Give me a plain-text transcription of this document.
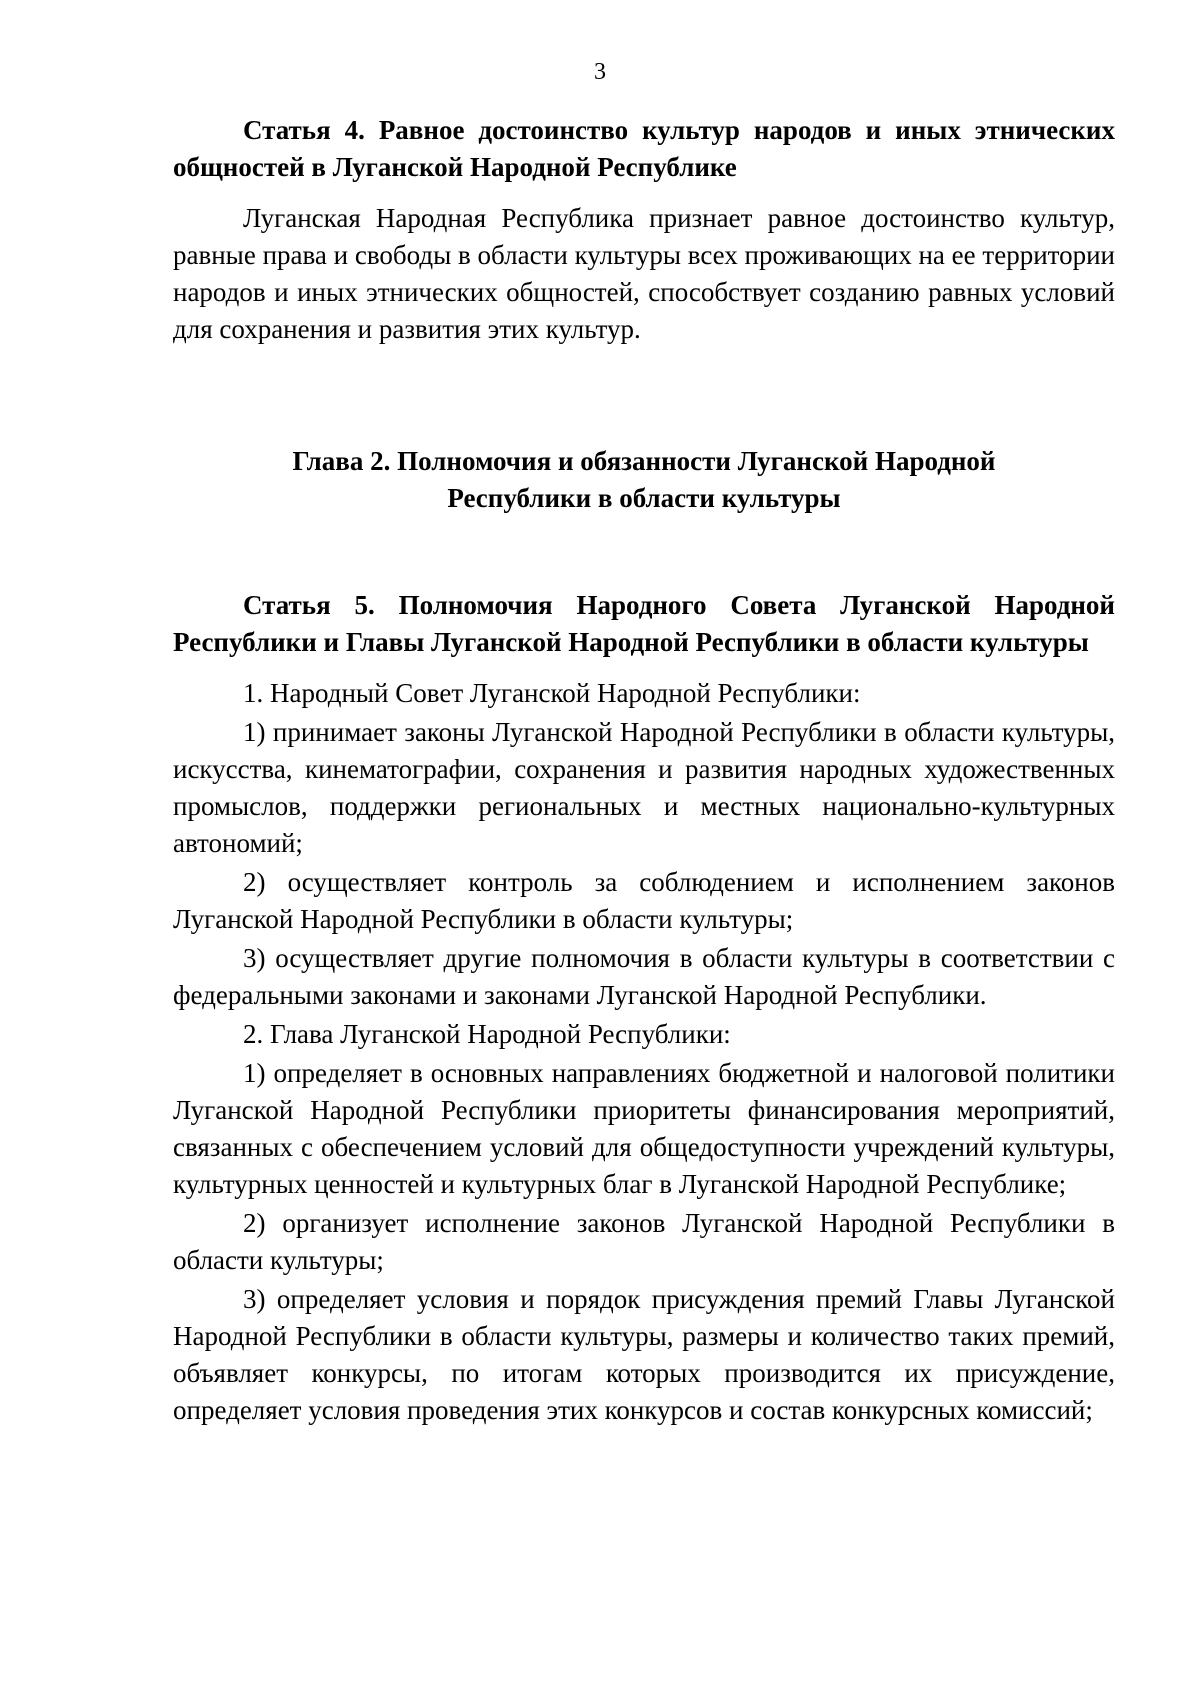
3

Статья 4. Равное достоинство культур народов и иных этнических общностей в Луганской Народной Республике

Луганская Народная Республика признает равное достоинство культур, равные права и свободы в области культуры всех проживающих на ее территории народов и иных этнических общностей, способствует созданию равных условий для сохранения и развития этих культур.

Глава 2. Полномочия и обязанности Луганской Народной
Республики в области культуры

Статья 5. Полномочия Народного Совета Луганской Народной Республики и Главы Луганской Народной Республики в области культуры

1. Народный Совет Луганской Народной Республики:

1) принимает законы Луганской Народной Республики в области культуры, искусства, кинематографии, сохранения и развития народных художественных промыслов, поддержки региональных и местных национально-культурных автономий;

2) осуществляет контроль за соблюдением и исполнением законов Луганской Народной Республики в области культуры;

3) осуществляет другие полномочия в области культуры в соответствии с федеральными законами и законами Луганской Народной Республики.

2. Глава Луганской Народной Республики:

1) определяет в основных направлениях бюджетной и налоговой политики Луганской Народной Республики приоритеты финансирования мероприятий, связанных с обеспечением условий для общедоступности учреждений культуры, культурных ценностей и культурных благ в Луганской Народной Республике;

2) организует исполнение законов Луганской Народной Республики в области культуры;

3) определяет условия и порядок присуждения премий Главы Луганской Народной Республики в области культуры, размеры и количество таких премий, объявляет конкурсы, по итогам которых производится их присуждение, определяет условия проведения этих конкурсов и состав конкурсных комиссий;
